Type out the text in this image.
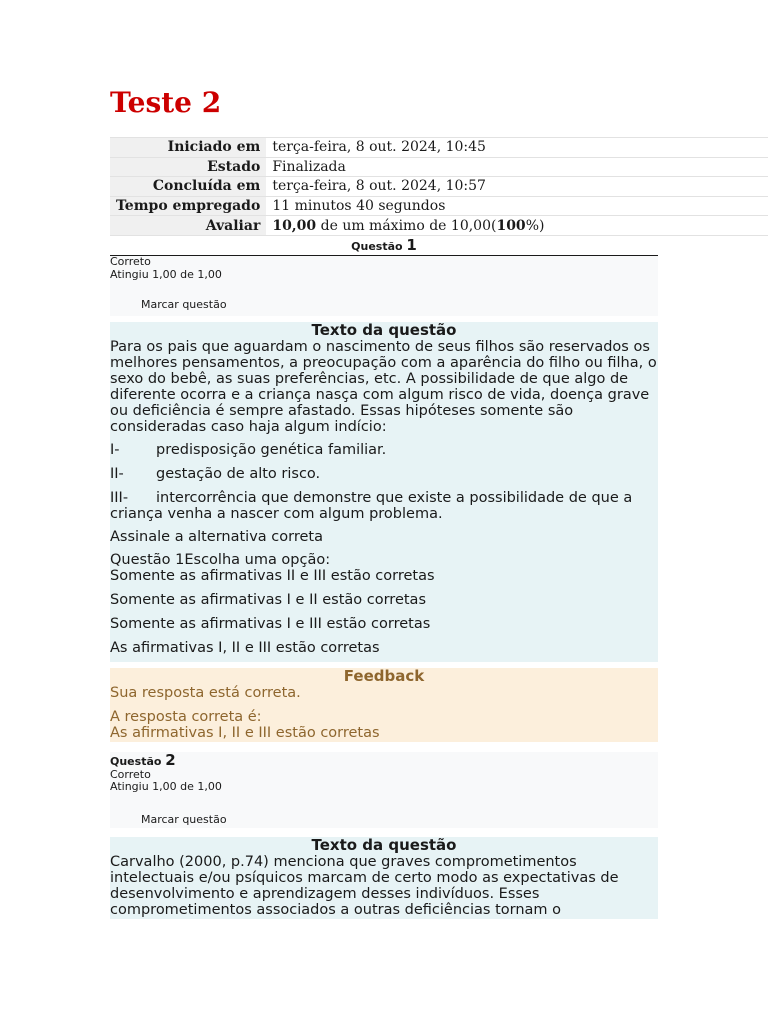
Teste 2
Iniciado em	terça-feira, 8 out. 2024, 10:45
Estado	Finalizada
Concluída em	terça-feira, 8 out. 2024, 10:57
Tempo empregado	11 minutos 40 segundos
Avaliar	10,00 de um máximo de 10,00(100%)
Questão 1
Correto
Atingiu 1,00 de 1,00
Marcar questão
Texto da questão

Para os pais que aguardam o nascimento de seus filhos são reservados os melhores pensamentos, a preocupação com a aparência do filho ou filha, o sexo do bebê, as suas preferências, etc. A possibilidade de que algo de diferente ocorra e a criança nasça com algum risco de vida, doença grave ou deficiência é sempre afastado. Essas hipóteses somente são consideradas caso haja algum indício:

I-	predisposição genética familiar.
II-	gestação de alto risco.
III- intercorrência que demonstre que existe a possibilidade de que a criança venha a nascer com algum problema.

Assinale a alternativa correta

Questão 1Escolha uma opção:

Somente as afirmativas II e III estão corretas

Somente as afirmativas I e II estão corretas

Somente as afirmativas I e III estão corretas

As afirmativas I, II e III estão corretas

Feedback

Sua resposta está correta.

A resposta correta é:

As afirmativas I, II e III estão corretas

Questão 2
Correto
Atingiu 1,00 de 1,00
Marcar questão
Texto da questão

Carvalho (2000, p.74) menciona que graves comprometimentos intelectuais e/ou psíquicos marcam de certo modo as expectativas de desenvolvimento e aprendizagem desses indivíduos. Esses comprometimentos associados a outras deficiências tornam o
